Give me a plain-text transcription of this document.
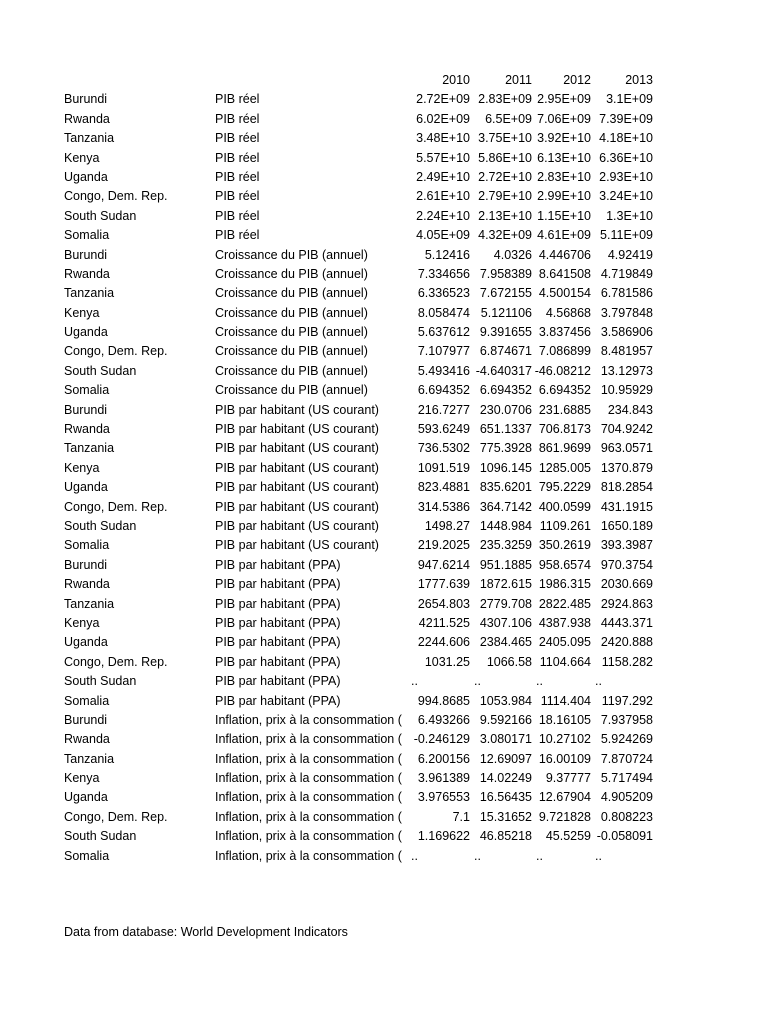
2010	2011	2012	2013
Burundi	PIB réel	2.72E+09 2.83E+09 2.95E+09	3.1E+09
Rwanda	PIB réel	6.02E+09	6.5E+09 7.06E+09 7.39E+09
Tanzania	PIB réel	3.48E+10 3.75E+10 3.92E+10 4.18E+10
Kenya	PIB réel	5.57E+10 5.86E+10 6.13E+10 6.36E+10
Uganda	PIB réel	2.49E+10 2.72E+10 2.83E+10 2.93E+10
Congo, Dem. Rep.	PIB réel	2.61E+10 2.79E+10 2.99E+10 3.24E+10
South Sudan	PIB réel	2.24E+10 2.13E+10 1.15E+10	1.3E+10
Somalia	PIB réel	4.05E+09 4.32E+09 4.61E+09 5.11E+09
Burundi	Croissance du PIB (annuel)	5.12416	4.0326 4.446706	4.92419
Rwanda	Croissance du PIB (annuel)	7.334656 7.958389 8.641508 4.719849
Tanzania	Croissance du PIB (annuel)	6.336523 7.672155 4.500154 6.781586
Kenya	Croissance du PIB (annuel)	8.058474 5.121106	4.56868 3.797848
Uganda	Croissance du PIB (annuel)	5.637612 9.391655 3.837456 3.586906
Congo, Dem. Rep.	Croissance du PIB (annuel)	7.107977 6.874671 7.086899 8.481957
South Sudan	Croissance du PIB (annuel)	5.493416 -4.640317 -46.08212 13.12973
Somalia	Croissance du PIB (annuel)	6.694352 6.694352 6.694352 10.95929
Burundi	PIB par habitant (US courant)	216.7277 230.0706 231.6885	234.843
Rwanda	PIB par habitant (US courant)	593.6249 651.1337 706.8173 704.9242
Tanzania	PIB par habitant (US courant)	736.5302 775.3928 861.9699 963.0571
Kenya	PIB par habitant (US courant)	1091.519 1096.145 1285.005 1370.879
Uganda	PIB par habitant (US courant)	823.4881 835.6201 795.2229 818.2854
Congo, Dem. Rep.	PIB par habitant (US courant)	314.5386 364.7142 400.0599 431.1915
South Sudan	PIB par habitant (US courant)	1498.27 1448.984 1109.261 1650.189
Somalia	PIB par habitant (US courant)	219.2025 235.3259 350.2619 393.3987
Burundi	PIB par habitant (PPA)	947.6214 951.1885 958.6574 970.3754
Rwanda	PIB par habitant (PPA)	1777.639 1872.615 1986.315 2030.669
Tanzania	PIB par habitant (PPA)	2654.803 2779.708 2822.485 2924.863
Kenya	PIB par habitant (PPA)	4211.525 4307.106 4387.938 4443.371
Uganda	PIB par habitant (PPA)	2244.606 2384.465 2405.095 2420.888
Congo, Dem. Rep.	PIB par habitant (PPA)	1031.25	1066.58 1104.664 1158.282
South Sudan	PIB par habitant (PPA)	..	..	..	..
Somalia	PIB par habitant (PPA)	994.8685 1053.984 1114.404 1197.292
Burundi	Inflation, prix à la consommation (	6.493266 9.592166 18.16105 7.937958
Rwanda	Inflation, prix à la consommation ( -0.246129 3.080171 10.27102 5.924269
Tanzania	Inflation, prix à la consommation (	6.200156 12.69097 16.00109 7.870724
Kenya	Inflation, prix à la consommation (	3.961389 14.02249	9.37777 5.717494
Uganda	Inflation, prix à la consommation (	3.976553 16.56435 12.67904 4.905209
Congo, Dem. Rep.	Inflation, prix à la consommation (	7.1 15.31652 9.721828 0.808223
South Sudan	Inflation, prix à la consommation (	1.169622 46.85218	45.5259 -0.058091
Somalia	Inflation, prix à la consommation ( ..	..	..	..
Data from database: World Development Indicators
